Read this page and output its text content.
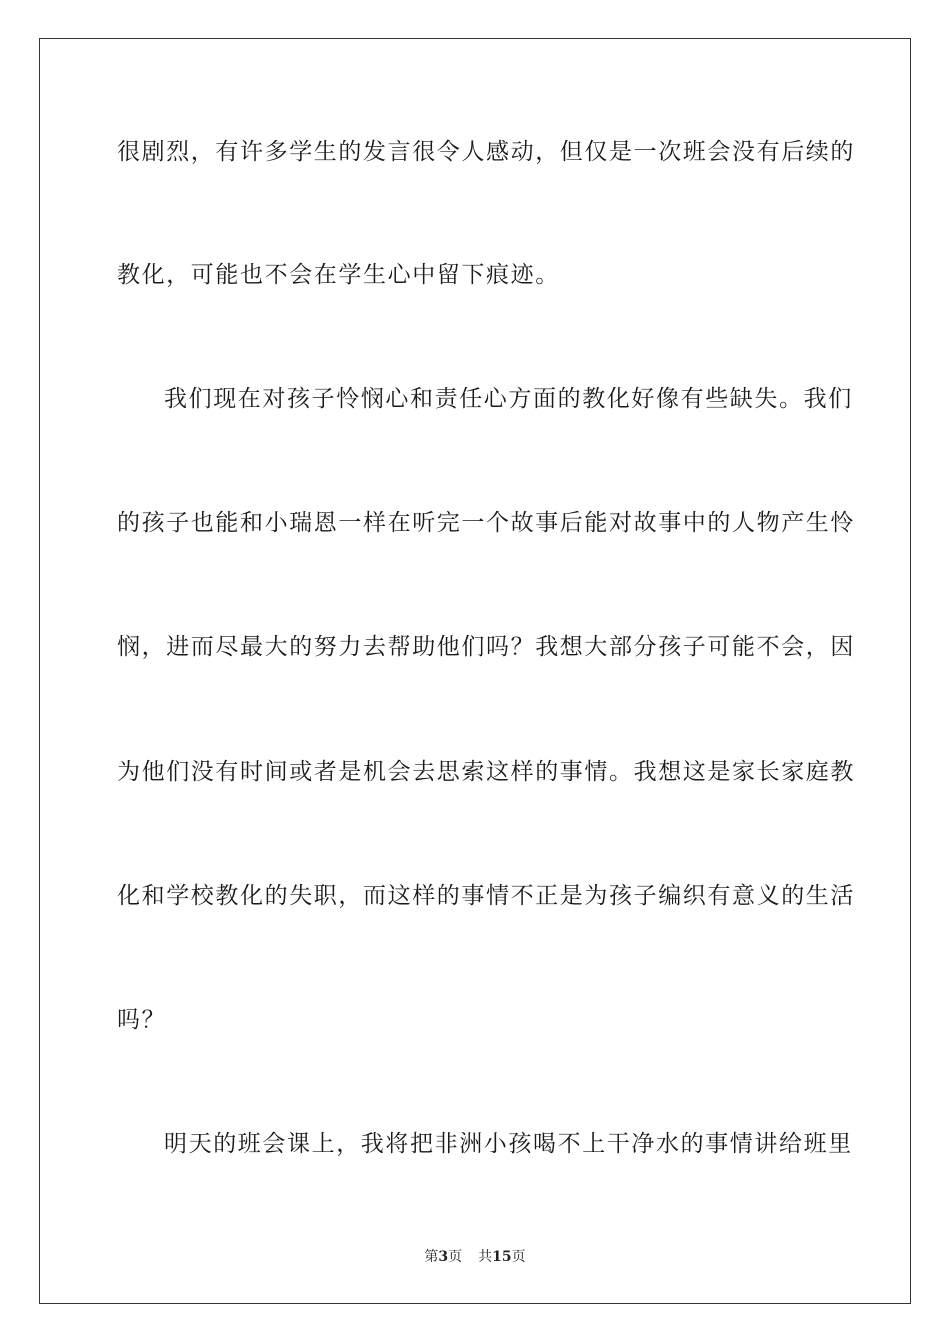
很剧烈，有许多学生的发言很令人感动，但仅是一次班会没有后续的
教化，可能也不会在学生心中留下痕迹。
我们现在对孩子怜悯心和责任心方面的教化好像有些缺失。我们
的孩子也能和小瑞恩一样在听完一个故事后能对故事中的人物产生怜
悯，进而尽最大的努力去帮助他们吗？我想大部分孩子可能不会，因
为他们没有时间或者是机会去思索这样的事情。我想这是家长家庭教
化和学校教化的失职，而这样的事情不正是为孩子编织有意义的生活
吗？
明天的班会课上，我将把非洲小孩喝不上干净水的事情讲给班里
第3页 共15页
